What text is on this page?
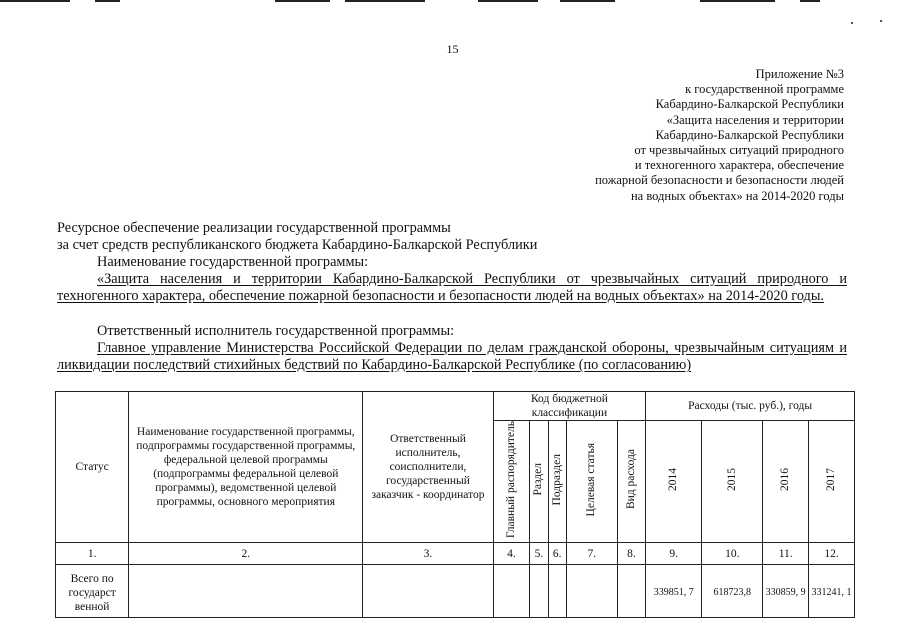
15
Приложение №3
к государственной программе
Кабардино-Балкарской Республики
«Защита населения и территории
Кабардино-Балкарской Республики
от чрезвычайных ситуаций природного
и техногенного характера, обеспечение
пожарной безопасности и безопасности людей
на водных объектах» на 2014-2020 годы
Ресурсное обеспечение реализации государственной программы
за счет средств республиканского бюджета Кабардино-Балкарской Республики
Наименование государственной программы:
«Защита населения и территории Кабардино-Балкарской Республики от чрезвычайных ситуаций природного и техногенного характера, обеспечение пожарной безопасности и безопасности людей на водных объектах» на 2014-2020 годы.
Ответственный исполнитель государственной программы:
Главное управление Министерства Российской Федерации по делам гражданской обороны, чрезвычайным ситуациям и ликвидации последствий стихийных бедствий по Кабардино-Балкарской Республике (по согласованию)
Статус	Наименование государственной программы, подпрограммы государственной программы, федеральной целевой программы (подпрограммы федеральной целевой программы), ведомственной целевой программы, основного мероприятия	Ответственный исполнитель, соисполнители, государственный заказчик - координатор	Код бюджетной классификации					Расходы (тыс. руб.), годы			
			Главный распорядитель	Раздел	Подраздел	Целевая статья	Вид расхода	2014	2015	2016	2017
1.	2.	3.	4.	5.	6.	7.	8.	9.	10.	11.	12.
Всего по государст венной								339851, 7	618723,8	330859, 9	331241, 1
